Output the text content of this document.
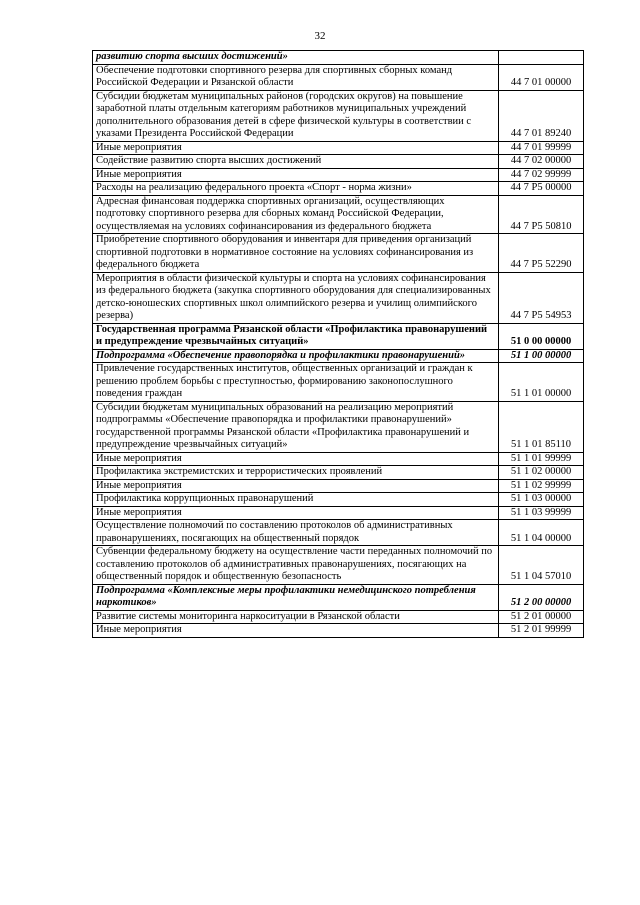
32
развитию спорта высших достижений»	
Обеспечение подготовки спортивного резерва для спортивных сборных команд Российской Федерации и Рязанской области	44 7 01 00000
Субсидии бюджетам муниципальных районов (городских округов) на повышение заработной платы отдельным категориям работников муниципальных учреждений дополнительного образования детей в сфере физической культуры в соответствии с указами Президента Российской Федерации	44 7 01 89240
Иные мероприятия	44 7 01 99999
Содействие развитию спорта высших достижений	44 7 02 00000
Иные мероприятия	44 7 02 99999
Расходы на реализацию федерального проекта «Спорт - норма жизни»	44 7 P5 00000
Адресная финансовая поддержка спортивных организаций, осуществляющих подготовку спортивного резерва для сборных команд Российской Федерации, осуществляемая на условиях софинансирования из федерального бюджета	44 7 P5 50810
Приобретение спортивного оборудования и инвентаря для приведения организаций спортивной подготовки в нормативное состояние на условиях софинансирования из федерального бюджета	44 7 P5 52290
Мероприятия в области физической культуры и спорта на условиях софинансирования из федерального бюджета (закупка спортивного оборудования для специализированных детско-юношеских спортивных школ олимпийского резерва и училищ олимпийского резерва)	44 7 P5 54953
Государственная программа Рязанской области «Профилактика правонарушений и предупреждение чрезвычайных ситуаций»	51 0 00 00000
Подпрограмма «Обеспечение правопорядка и профилактики правонарушений»	51 1 00 00000
Привлечение государственных институтов, общественных организаций и граждан к решению проблем борьбы с преступностью, формированию законопослушного поведения граждан	51 1 01 00000
Субсидии бюджетам муниципальных образований на реализацию мероприятий подпрограммы «Обеспечение правопорядка и профилактики правонарушений» государственной программы Рязанской области «Профилактика правонарушений и предупреждение чрезвычайных ситуаций»	51 1 01 85110
Иные мероприятия	51 1 01 99999
Профилактика экстремистских и террористических проявлений	51 1 02 00000
Иные мероприятия	51 1 02 99999
Профилактика коррупционных правонарушений	51 1 03 00000
Иные мероприятия	51 1 03 99999
Осуществление полномочий по составлению протоколов об административных правонарушениях, посягающих на общественный порядок	51 1 04 00000
Субвенции федеральному бюджету на осуществление части переданных полномочий по составлению протоколов об административных правонарушениях, посягающих на общественный порядок и общественную безопасность	51 1 04 57010
Подпрограмма «Комплексные меры профилактики немедицинского потребления наркотиков»	51 2 00 00000
Развитие системы мониторинга наркоситуации в Рязанской области	51 2 01 00000
Иные мероприятия	51 2 01 99999
